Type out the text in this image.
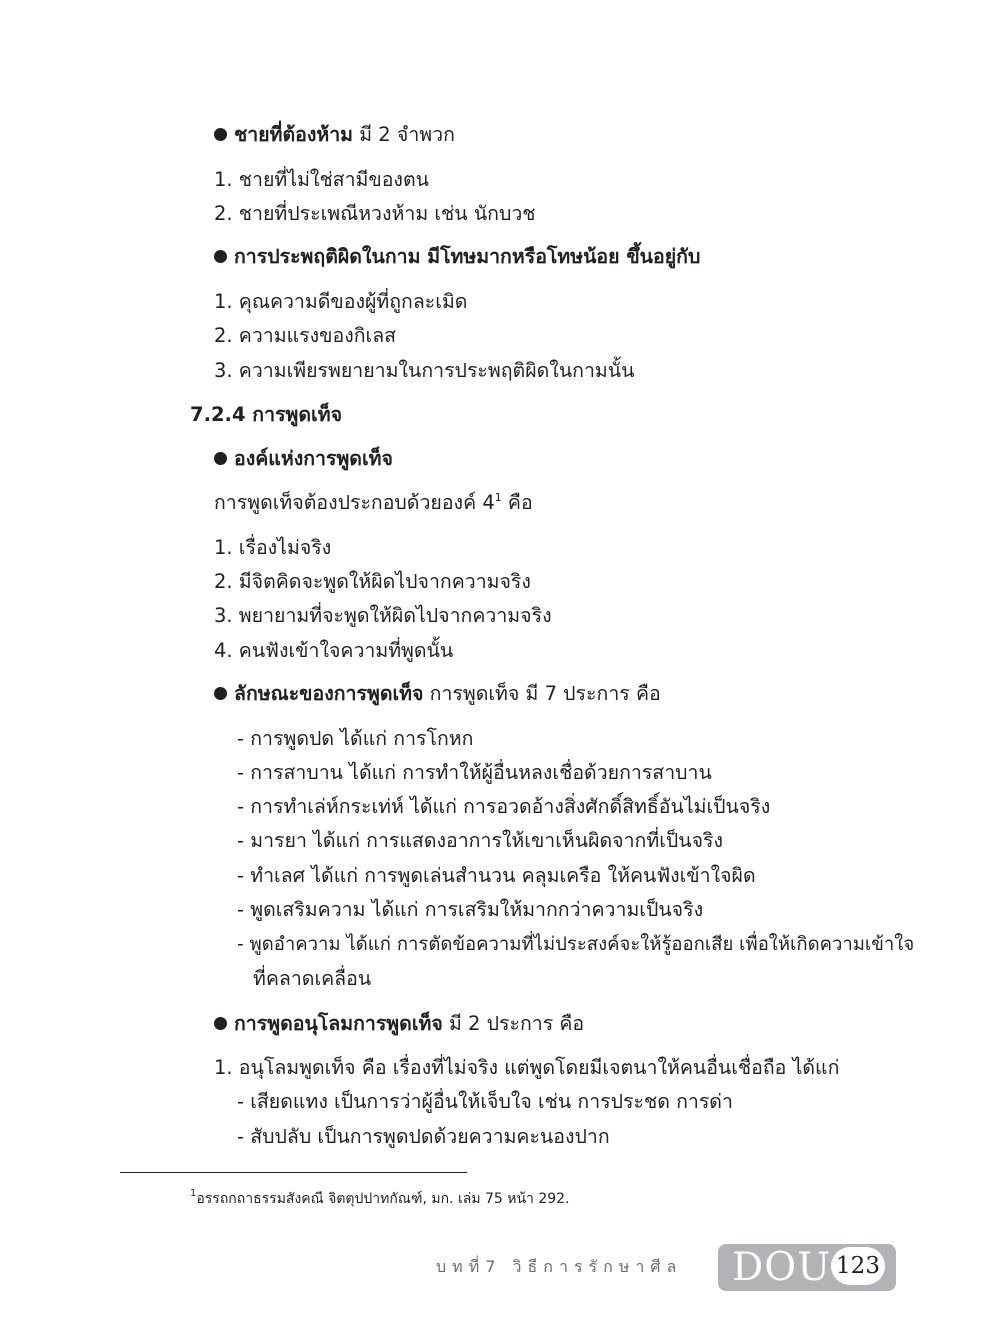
ชายที่ต้องห้าม มี 2 จำพวก
1. ชายที่ไม่ใช่สามีของตน
2. ชายที่ประเพณีหวงห้าม เช่น นักบวช
การประพฤติผิดในกาม มีโทษมากหรือโทษน้อย ขึ้นอยู่กับ
1. คุณความดีของผู้ที่ถูกละเมิด
2. ความแรงของกิเลส
3. ความเพียรพยายามในการประพฤติผิดในกามนั้น
7.2.4 การพูดเท็จ
องค์แห่งการพูดเท็จ
การพูดเท็จต้องประกอบด้วยองค์ $4^1$ คือ
1. เรื่องไม่จริง
2. มีจิตคิดจะพูดให้ผิดไปจากความจริง
3. พยายามที่จะพูดให้ผิดไปจากความจริง
4. คนฟังเข้าใจความที่พูดนั้น
ลักษณะของการพูดเท็จ การพูดเท็จ มี 7 ประการ คือ
- การพูดปด ได้แก่ การโกหก
- การสาบาน ได้แก่ การทำให้ผู้อื่นหลงเชื่อด้วยการสาบาน
- การทำเล่ห์กระเท่ห์ ได้แก่ การอวดอ้างสิ่งศักดิ์สิทธิ์อันไม่เป็นจริง
- มารยา ได้แก่ การแสดงอาการให้เขาเห็นผิดจากที่เป็นจริง
- ทำเลศ ได้แก่ การพูดเล่นสำนวน คลุมเครือ ให้คนฟังเข้าใจผิด
- พูดเสริมความ ได้แก่ การเสริมให้มากกว่าความเป็นจริง
- พูดอำความ ได้แก่ การตัดข้อความที่ไม่ประสงค์จะให้รู้ออกเสีย เพื่อให้เกิดความเข้าใจ
ที่คลาดเคลื่อน
การพูดอนุโลมการพูดเท็จ มี 2 ประการ คือ
1. อนุโลมพูดเท็จ คือ เรื่องที่ไม่จริง แต่พูดโดยมีเจตนาให้คนอื่นเชื่อถือ ได้แก่
- เสียดแทง เป็นการว่าผู้อื่นให้เจ็บใจ เช่น การประชด การด่า
- สับปลับ เป็นการพูดปดด้วยความคะนองปาก
$^1$อรรถกถาธรรมสังคณี จิตตุปปาทกัณฑ์, มก. เล่ม 75 หน้า 292.
บทที่7 วิธีการรักษาศีล DOU 123
